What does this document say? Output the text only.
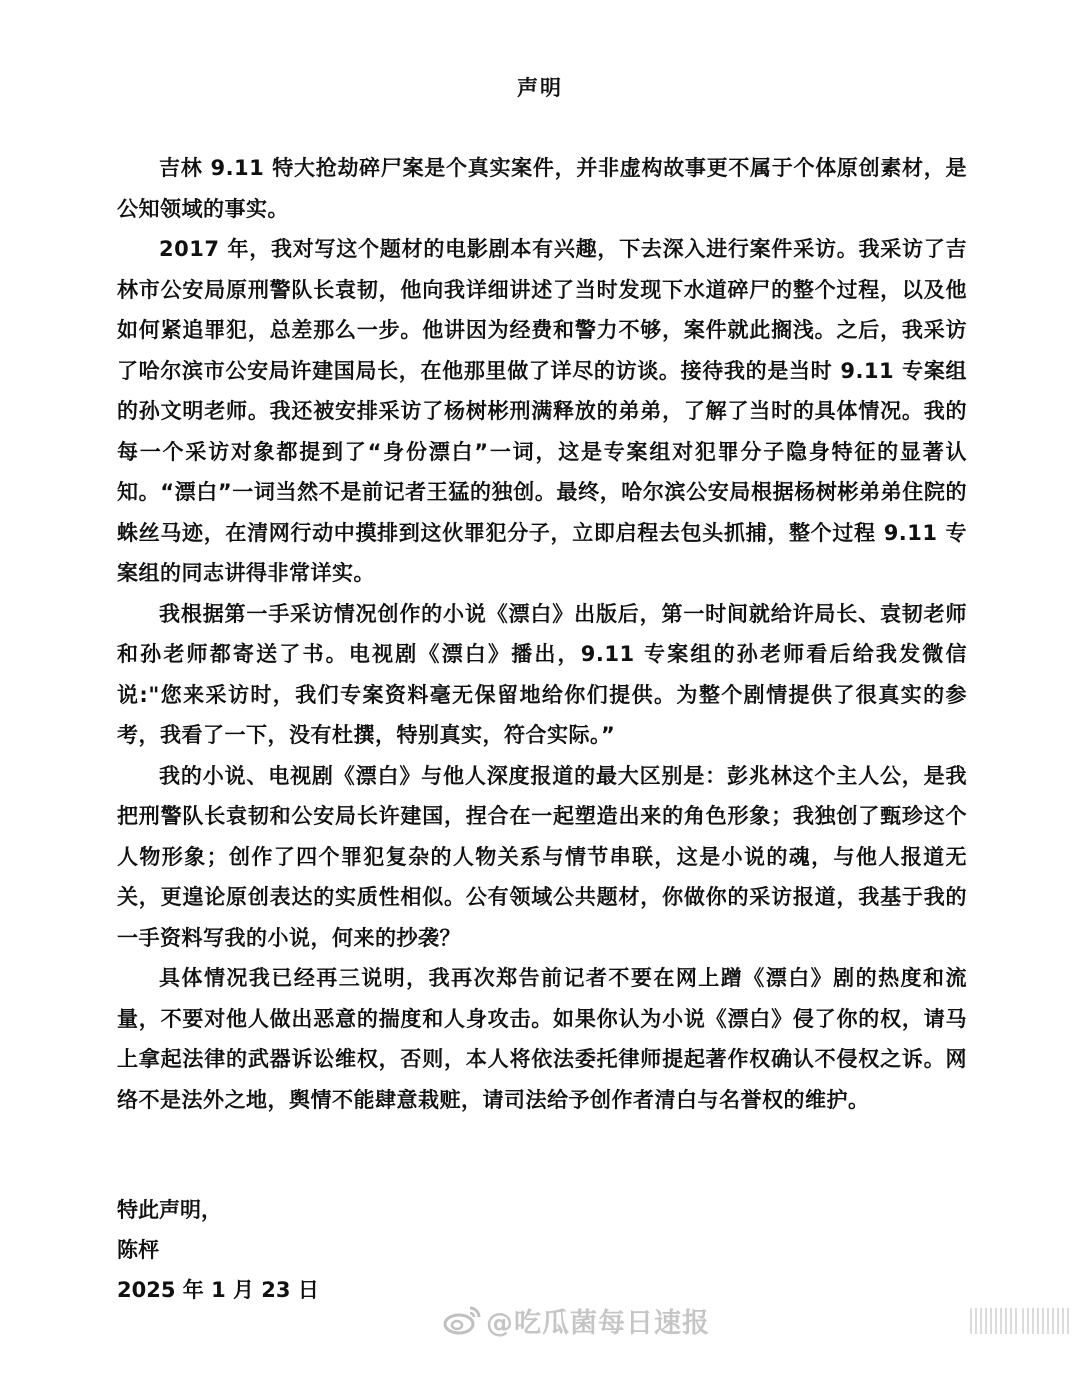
声明

吉林 9.11 特大抢劫碎尸案是个真实案件，并非虚构故事更不属于个体原创素材，是公知领域的事实。

2017 年，我对写这个题材的电影剧本有兴趣，下去深入进行案件采访。我采访了吉林市公安局原刑警队长袁韧，他向我详细讲述了当时发现下水道碎尸的整个过程，以及他如何紧追罪犯，总差那么一步。他讲因为经费和警力不够，案件就此搁浅。之后，我采访了哈尔滨市公安局许建国局长，在他那里做了详尽的访谈。接待我的是当时 9.11 专案组的孙文明老师。我还被安排采访了杨树彬刑满释放的弟弟，了解了当时的具体情况。我的每一个采访对象都提到了“身份漂白”一词，这是专案组对犯罪分子隐身特征的显著认知。“漂白”一词当然不是前记者王猛的独创。最终，哈尔滨公安局根据杨树彬弟弟住院的蛛丝马迹，在清网行动中摸排到这伙罪犯分子，立即启程去包头抓捕，整个过程 9.11 专案组的同志讲得非常详实。

我根据第一手采访情况创作的小说《漂白》出版后，第一时间就给许局长、袁韧老师和孙老师都寄送了书。电视剧《漂白》播出，9.11 专案组的孙老师看后给我发微信说:"您来采访时，我们专案资料毫无保留地给你们提供。为整个剧情提供了很真实的参考，我看了一下，没有杜撰，特别真实，符合实际。”

我的小说、电视剧《漂白》与他人深度报道的最大区别是：彭兆林这个主人公，是我把刑警队长袁韧和公安局长许建国，捏合在一起塑造出来的角色形象；我独创了甄珍这个人物形象；创作了四个罪犯复杂的人物关系与情节串联，这是小说的魂，与他人报道无关，更遑论原创表达的实质性相似。公有领域公共题材，你做你的采访报道，我基于我的一手资料写我的小说，何来的抄袭？

具体情况我已经再三说明，我再次郑告前记者不要在网上蹭《漂白》剧的热度和流量，不要对他人做出恶意的揣度和人身攻击。如果你认为小说《漂白》侵了你的权，请马上拿起法律的武器诉讼维权，否则，本人将依法委托律师提起著作权确认不侵权之诉。网络不是法外之地，舆情不能肆意栽赃，请司法给予创作者清白与名誉权的维护。

特此声明，
陈枰
2025 年 1 月 23 日
@吃瓜菌每日速报
